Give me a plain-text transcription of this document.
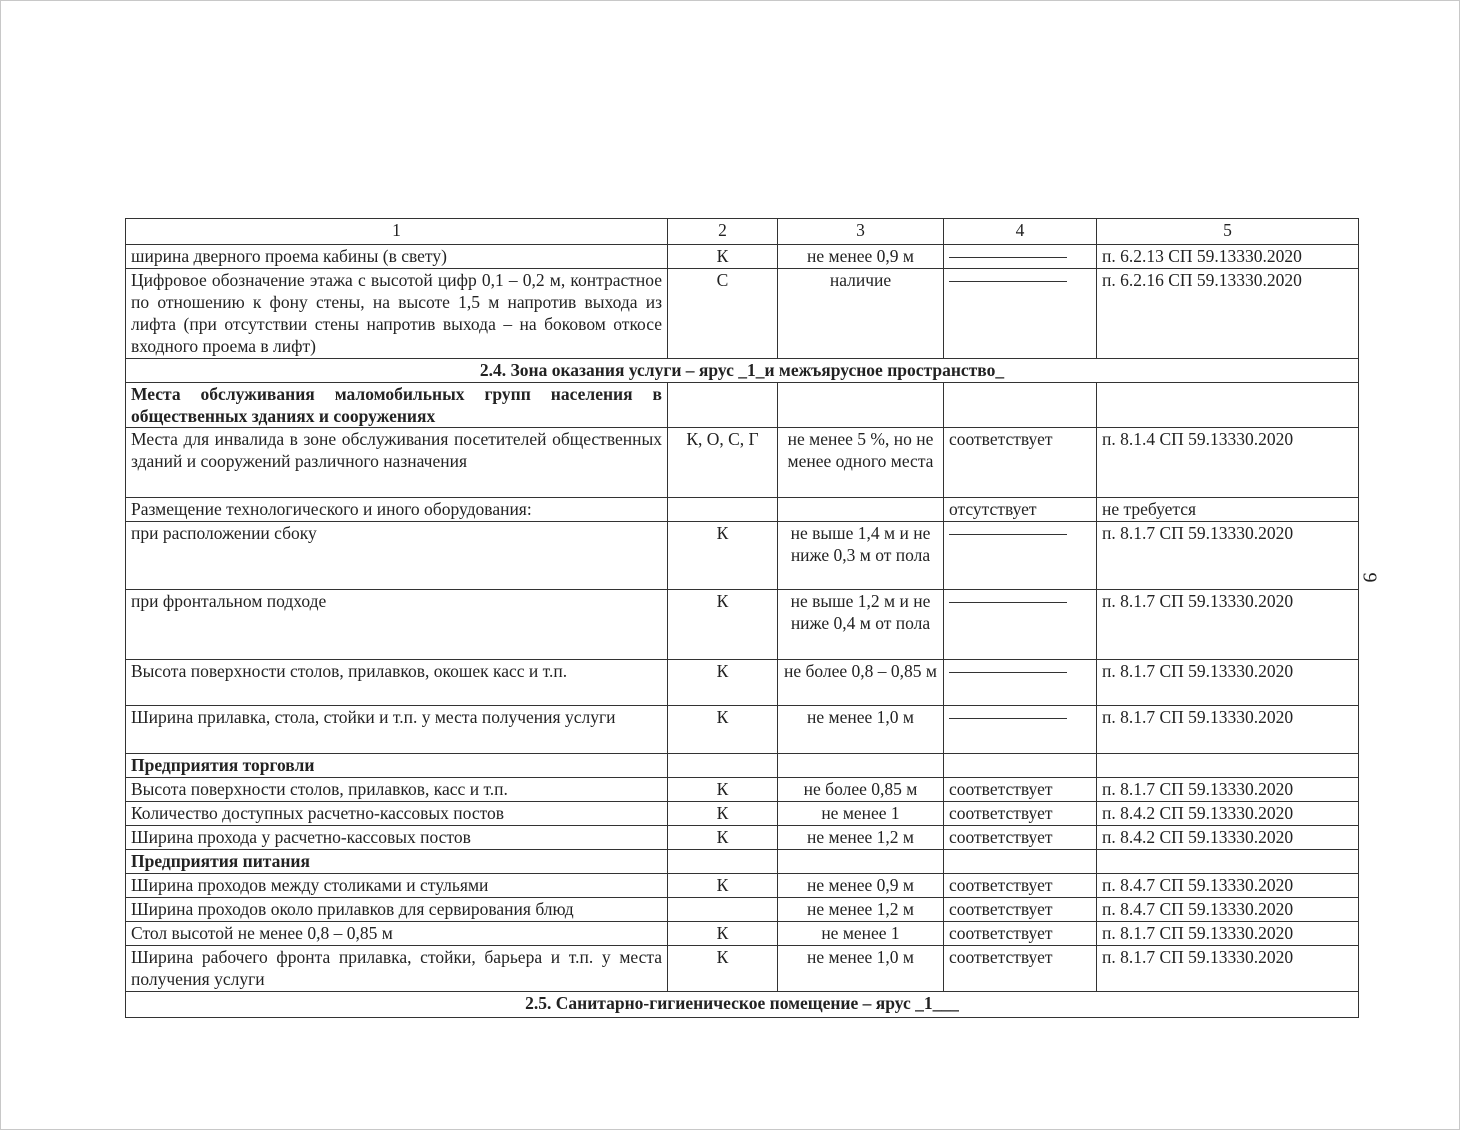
1	2	3	4	5
ширина дверного проема кабины (в свету)	К	не менее 0,9 м		п. 6.2.13 СП 59.13330.2020
Цифровое обозначение этажа с высотой цифр 0,1 – 0,2 м, контрастное по отношению к фону стены, на высоте 1,5 м напротив выхода из лифта (при отсутствии стены напротив выхода – на боковом откосе входного проема в лифт)	С	наличие		п. 6.2.16 СП 59.13330.2020
2.4. Зона оказания услуги – ярус _1_и межъярусное пространство_				
Места обслуживания маломобильных групп населения в общественных зданиях и сооружениях				
Места для инвалида в зоне обслуживания посетителей общественных зданий и сооружений различного назначения	К, О, С, Г	не менее 5 %, но не менее одного места	соответствует	п. 8.1.4 СП 59.13330.2020
Размещение технологического и иного оборудования:			отсутствует	не требуется
при расположении сбоку	К	не выше 1,4 м и не ниже 0,3 м от пола		п. 8.1.7 СП 59.13330.2020
при фронтальном подходе	К	не выше 1,2 м и не ниже 0,4 м от пола		п. 8.1.7 СП 59.13330.2020
Высота поверхности столов, прилавков, окошек касс и т.п.	К	не более 0,8 – 0,85 м		п. 8.1.7 СП 59.13330.2020
Ширина прилавка, стола, стойки и т.п. у места получения услуги	К	не менее 1,0 м		п. 8.1.7 СП 59.13330.2020
Предприятия торговли				
Высота поверхности столов, прилавков, касс и т.п.	К	не более 0,85 м	соответствует	п. 8.1.7 СП 59.13330.2020
Количество доступных расчетно-кассовых постов	К	не менее 1	соответствует	п. 8.4.2 СП 59.13330.2020
Ширина прохода у расчетно-кассовых постов	К	не менее 1,2 м	соответствует	п. 8.4.2 СП 59.13330.2020
Предприятия питания				
Ширина проходов между столиками и стульями	К	не менее 0,9 м	соответствует	п. 8.4.7 СП 59.13330.2020
Ширина проходов около прилавков для сервирования блюд		не менее 1,2 м	соответствует	п. 8.4.7 СП 59.13330.2020
Стол высотой не менее 0,8 – 0,85 м	К	не менее 1	соответствует	п. 8.1.7 СП 59.13330.2020
Ширина рабочего фронта прилавка, стойки, барьера и т.п. у места получения услуги	К	не менее 1,0 м	соответствует	п. 8.1.7 СП 59.13330.2020
2.5. Санитарно-гигиеническое помещение – ярус _1___				
9
